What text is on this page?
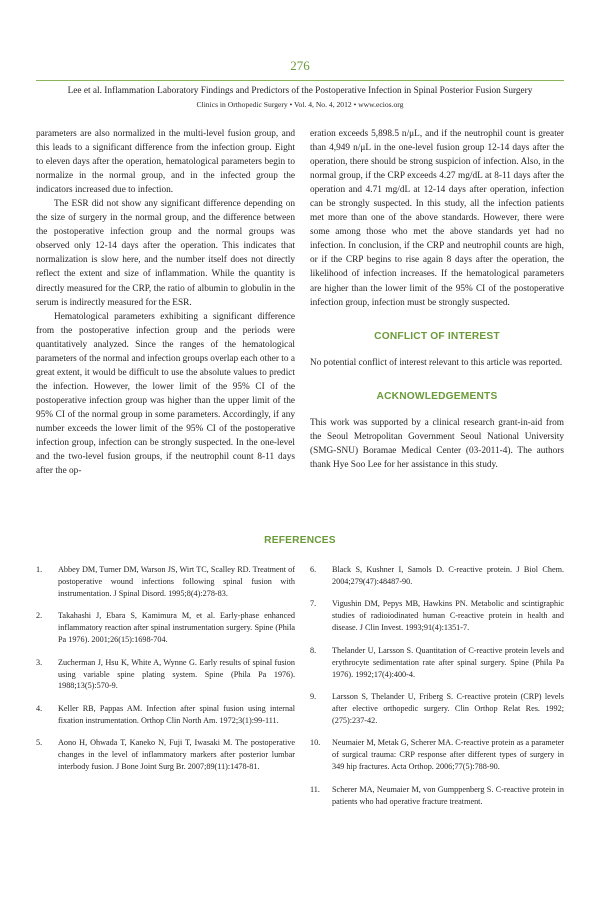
276
Lee et al. Inflammation Laboratory Findings and Predictors of the Postoperative Infection in Spinal Posterior Fusion Surgery
Clinics in Orthopedic Surgery • Vol. 4, No. 4, 2012 • www.ecios.org

parameters are also normalized in the multi-level fusion group, and this leads to a significant difference from the infection group. Eight to eleven days after the operation, hematological parameters begin to normalize in the normal group, and in the infected group the indicators increased due to infection.

The ESR did not show any significant difference depending on the size of surgery in the normal group, and the difference between the postoperative infection group and the normal groups was observed only 12-14 days after the operation. This indicates that normalization is slow here, and the number itself does not directly reflect the extent and size of inflammation. While the quantity is directly measured for the CRP, the ratio of albumin to globulin in the serum is indirectly measured for the ESR.

Hematological parameters exhibiting a significant difference from the postoperative infection group and the periods were quantitatively analyzed. Since the ranges of the hematological parameters of the normal and infection groups overlap each other to a great extent, it would be difficult to use the absolute values to predict the infection. However, the lower limit of the 95% CI of the postoperative infection group was higher than the upper limit of the 95% CI of the normal group in some parameters. Accordingly, if any number exceeds the lower limit of the 95% CI of the postoperative infection group, infection can be strongly suspected. In the one-level and the two-level fusion groups, if the neutrophil count 8-11 days after the op-

eration exceeds 5,898.5 n/μL, and if the neutrophil count is greater than 4,949 n/μL in the one-level fusion group 12-14 days after the operation, there should be strong suspicion of infection. Also, in the normal group, if the CRP exceeds 4.27 mg/dL at 8-11 days after the operation and 4.71 mg/dL at 12-14 days after operation, infection can be strongly suspected. In this study, all the infection patients met more than one of the above standards. However, there were some among those who met the above standards yet had no infection. In conclusion, if the CRP and neutrophil counts are high, or if the CRP begins to rise again 8 days after the operation, the likelihood of infection increases. If the hematological parameters are higher than the lower limit of the 95% CI of the postoperative infection group, infection must be strongly suspected.

CONFLICT OF INTEREST

No potential conflict of interest relevant to this article was reported.

ACKNOWLEDGEMENTS

This work was supported by a clinical research grant-in-aid from the Seoul Metropolitan Government Seoul National University (SMG-SNU) Boramae Medical Center (03-2011-4). The authors thank Hye Soo Lee for her assistance in this study.

REFERENCES
1. Abbey DM, Turner DM, Warson JS, Wirt TC, Scalley RD. Treatment of postoperative wound infections following spinal fusion with instrumentation. J Spinal Disord. 1995;8(4):278-83.
2. Takahashi J, Ebara S, Kamimura M, et al. Early-phase enhanced inflammatory reaction after spinal instrumentation surgery. Spine (Phila Pa 1976). 2001;26(15):1698-704.
3. Zucherman J, Hsu K, White A, Wynne G. Early results of spinal fusion using variable spine plating system. Spine (Phila Pa 1976). 1988;13(5):570-9.
4. Keller RB, Pappas AM. Infection after spinal fusion using internal fixation instrumentation. Orthop Clin North Am. 1972;3(1):99-111.
5. Aono H, Ohwada T, Kaneko N, Fuji T, Iwasaki M. The postoperative changes in the level of inflammatory markers after posterior lumbar interbody fusion. J Bone Joint Surg Br. 2007;89(11):1478-81.
6. Black S, Kushner I, Samols D. C-reactive protein. J Biol Chem. 2004;279(47):48487-90.
7. Vigushin DM, Pepys MB, Hawkins PN. Metabolic and scintigraphic studies of radioiodinated human C-reactive protein in health and disease. J Clin Invest. 1993;91(4):1351-7.
8. Thelander U, Larsson S. Quantitation of C-reactive protein levels and erythrocyte sedimentation rate after spinal surgery. Spine (Phila Pa 1976). 1992;17(4):400-4.
9. Larsson S, Thelander U, Friberg S. C-reactive protein (CRP) levels after elective orthopedic surgery. Clin Orthop Relat Res. 1992;(275):237-42.
10. Neumaier M, Metak G, Scherer MA. C-reactive protein as a parameter of surgical trauma: CRP response after different types of surgery in 349 hip fractures. Acta Orthop. 2006;77(5):788-90.
11. Scherer MA, Neumaier M, von Gumppenberg S. C-reactive protein in patients who had operative fracture treatment.
